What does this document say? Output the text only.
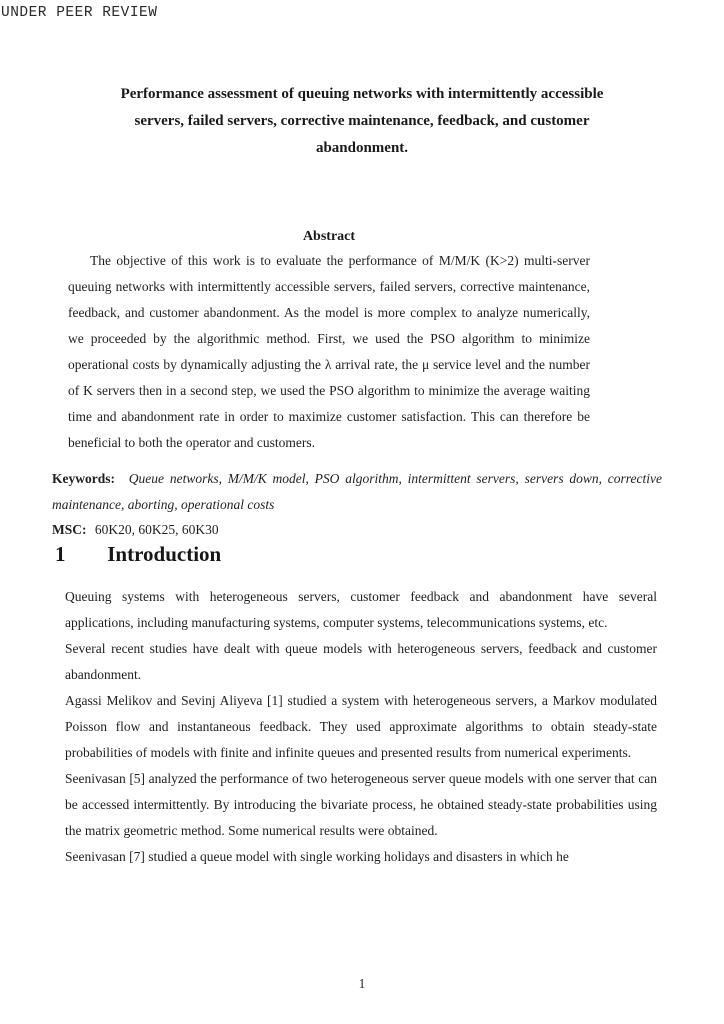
UNDER PEER REVIEW
Performance assessment of queuing networks with intermittently accessible
servers, failed servers, corrective maintenance, feedback, and customer
abandonment.
Abstract

The objective of this work is to evaluate the performance of M/M/K (K>2) multi-server queuing networks with intermittently accessible servers, failed servers, corrective maintenance, feedback, and customer abandonment. As the model is more complex to analyze numerically, we proceeded by the algorithmic method. First, we used the PSO algorithm to minimize operational costs by dynamically adjusting the λ arrival rate, the μ service level and the number of K servers then in a second step, we used the PSO algorithm to minimize the average waiting time and abandonment rate in order to maximize customer satisfaction. This can therefore be beneficial to both the operator and customers.

Keywords: Queue networks, M/M/K model, PSO algorithm, intermittent servers, servers down, corrective maintenance, aborting, operational costs

MSC: 60K20, 60K25, 60K30

1 Introduction

Queuing systems with heterogeneous servers, customer feedback and abandonment have several applications, including manufacturing systems, computer systems, telecommunications systems, etc.

Several recent studies have dealt with queue models with heterogeneous servers, feedback and customer abandonment.

Agassi Melikov and Sevinj Aliyeva [1] studied a system with heterogeneous servers, a Markov modulated Poisson flow and instantaneous feedback. They used approximate algorithms to obtain steady-state probabilities of models with finite and infinite queues and presented results from numerical experiments.

Seenivasan [5] analyzed the performance of two heterogeneous server queue models with one server that can be accessed intermittently. By introducing the bivariate process, he obtained steady-state probabilities using the matrix geometric method. Some numerical results were obtained.

Seenivasan [7] studied a queue model with single working holidays and disasters in which he

1
